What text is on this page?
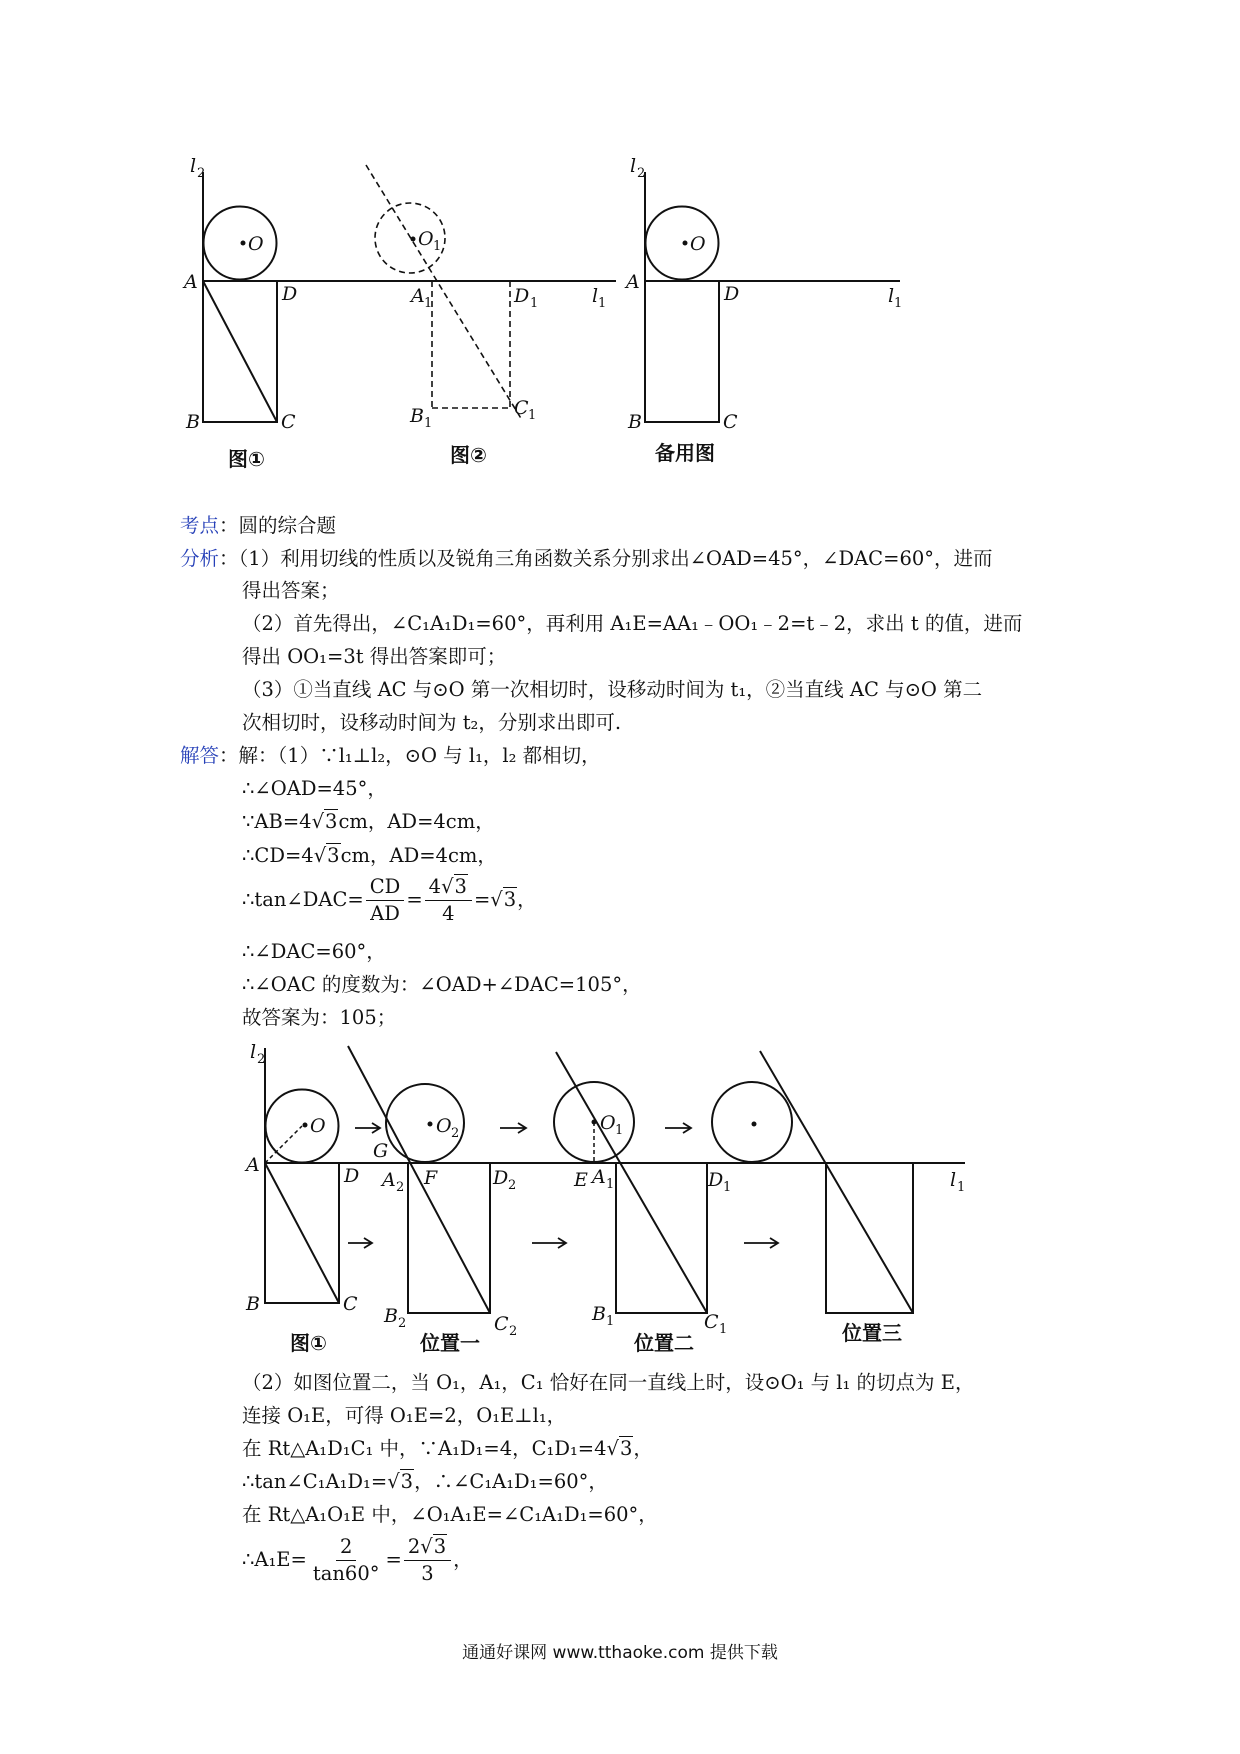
l 2
O
A
D
B	C
图①
O 1
A 1	D 1
B 1
C 1
l 1
图②
l 2
O
A
D
B	C
l 1
备用图
考点：圆的综合题
分析：（1）利用切线的性质以及锐角三角函数关系分别求出∠OAD=45°，∠DAC=60°，进而
得出答案；
（2）首先得出，∠C₁A₁D₁=60°，再利用 A₁E=AA₁﹣OO₁﹣2=t﹣2，求出 t 的值，进而
得出 OO₁=3t 得出答案即可；
（3）①当直线 AC 与⊙O 第一次相切时，设移动时间为 t₁，②当直线 AC 与⊙O 第二
次相切时，设移动时间为 t₂，分别求出即可.
解答：解：（1）∵l₁⊥l₂，⊙O 与 l₁，l₂ 都相切，
∴∠OAD=45°，
∵AB=4√3cm，AD=4cm，
∴CD=4√3cm，AD=4cm，
∴tan∠DAC= $\frac{CD}{AD} = \frac{4√3}{4} =√3$，
∴∠DAC=60°，
∴∠OAC 的度数为：∠OAD+∠DAC=105°，
故答案为：105；
l 2
O	O 2	O 1
A	D
G
A 2 F	D 2	E A 1	D 1	l 1
B	C
B 2	C 2
B 1	C 1
图①	位置一	位置二	位置三
（2）如图位置二，当 O₁，A₁，C₁ 恰好在同一直线上时，设⊙O₁ 与 l₁ 的切点为 E，
连接 O₁E，可得 O₁E=2，O₁E⊥l₁，
在 Rt△A₁D₁C₁ 中，∵A₁D₁=4，C₁D₁=4√3，
∴tan∠C₁A₁D₁=√3，∴∠C₁A₁D₁=60°，
在 Rt△A₁O₁E 中，∠O₁A₁E=∠C₁A₁D₁=60°，
∴A₁E= $\frac{2}{\tan 60^\circ} = \frac{2√3}{3}$ ，
通通好课网 www.tthaoke.com 提供下载
